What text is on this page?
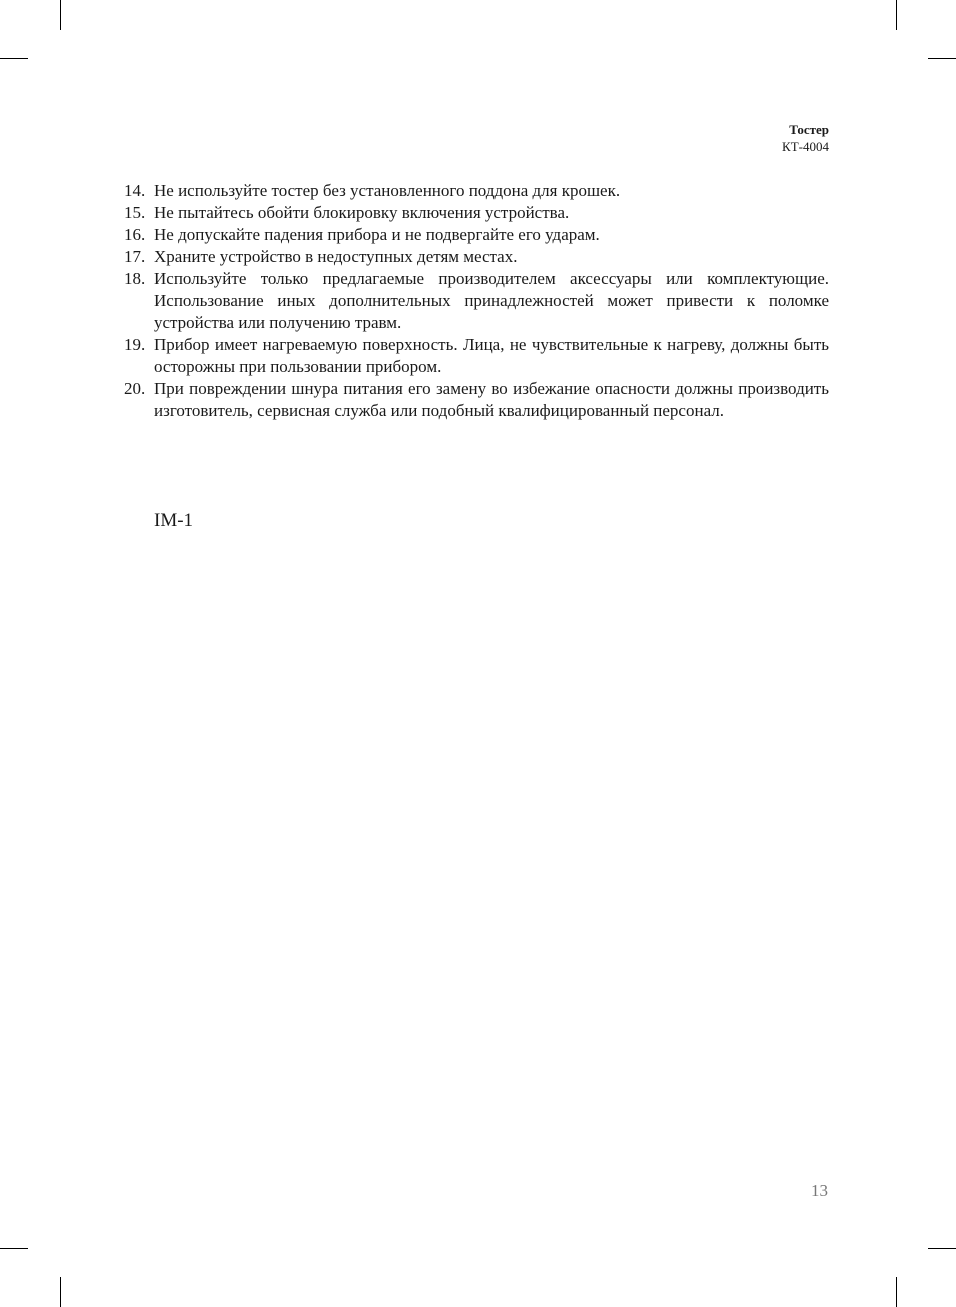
Тостер
КТ-4004
14. Не используйте тостер без установленного поддона для крошек.
15. Не пытайтесь обойти блокировку включения устройства.
16. Не допускайте падения прибора и не подвергайте его ударам.
17. Храните устройство в недоступных детям местах.
18. Используйте только предлагаемые производителем аксессуары или комплектующие. Использование иных дополнительных принадлежностей может привести к поломке устройства или получению травм.
19. Прибор имеет нагреваемую поверхность. Лица, не чувствительные к нагреву, должны быть осторожны при пользовании прибором.
20. При повреждении шнура питания его замену во избежание опасности должны производить изготовитель, сервисная служба или подобный квалифицированный персонал.
IM-1
13
